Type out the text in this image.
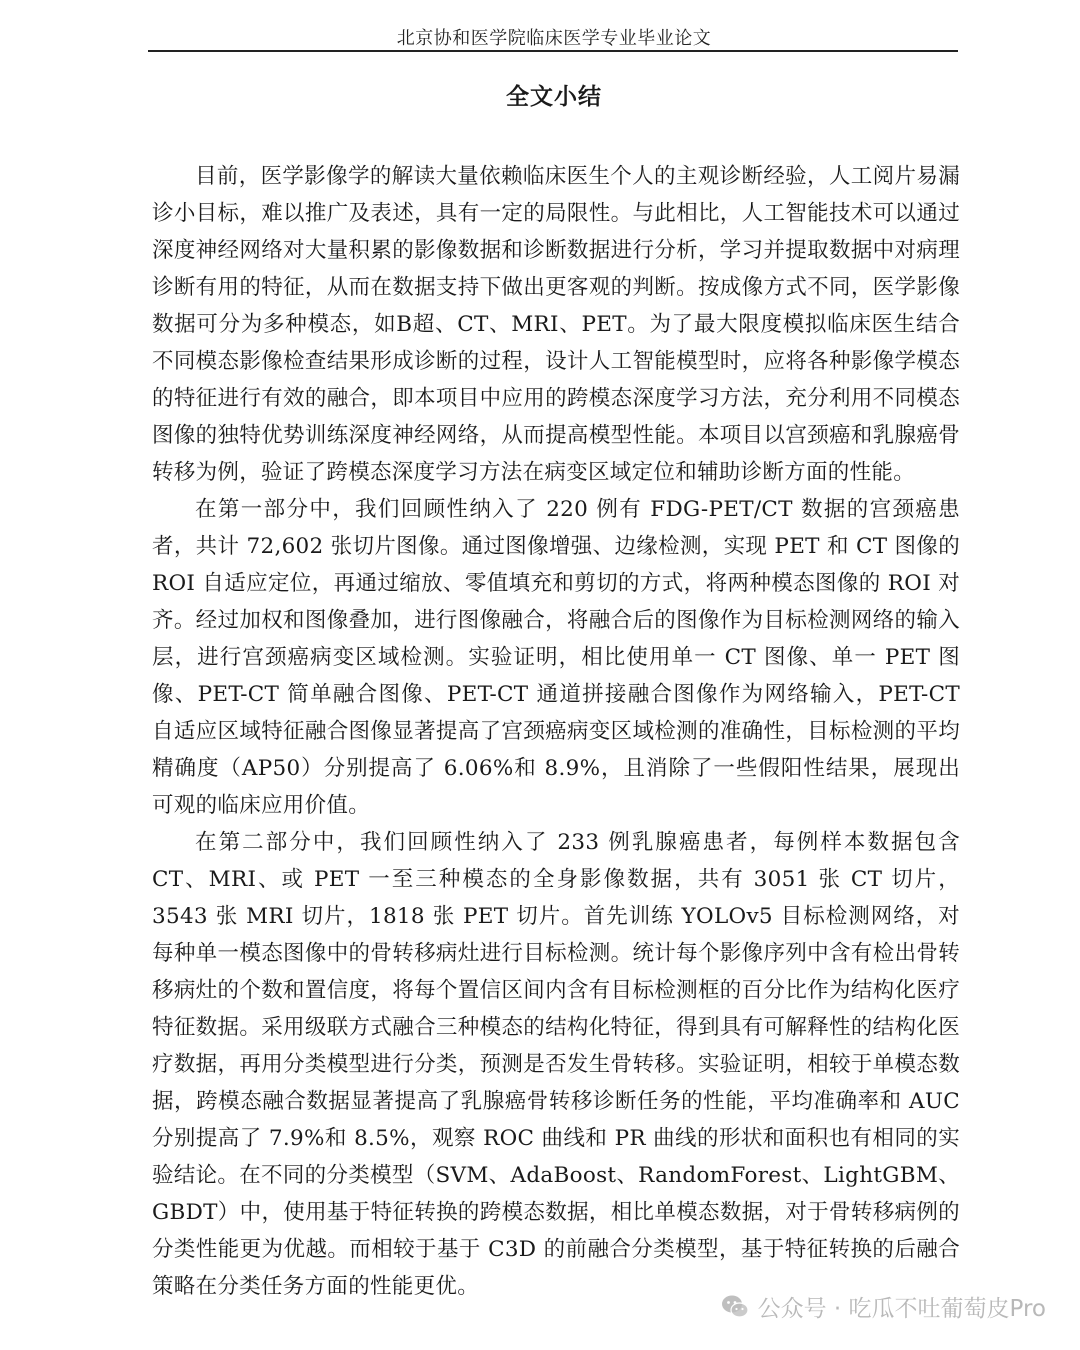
北京协和医学院临床医学专业毕业论文
全文小结

目前，医学影像学的解读大量依赖临床医生个人的主观诊断经验，人工阅片易漏诊小目标，难以推广及表述，具有一定的局限性。与此相比，人工智能技术可以通过深度神经网络对大量积累的影像数据和诊断数据进行分析，学习并提取数据中对病理诊断有用的特征，从而在数据支持下做出更客观的判断。按成像方式不同，医学影像数据可分为多种模态，如B超、CT、MRI、PET。为了最大限度模拟临床医生结合不同模态影像检查结果形成诊断的过程，设计人工智能模型时，应将各种影像学模态的特征进行有效的融合，即本项目中应用的跨模态深度学习方法，充分利用不同模态图像的独特优势训练深度神经网络，从而提高模型性能。本项目以宫颈癌和乳腺癌骨转移为例，验证了跨模态深度学习方法在病变区域定位和辅助诊断方面的性能。

在第一部分中，我们回顾性纳入了 220 例有 FDG-PET/CT 数据的宫颈癌患者，共计 72,602 张切片图像。通过图像增强、边缘检测，实现 PET 和 CT 图像的 ROI 自适应定位，再通过缩放、零值填充和剪切的方式，将两种模态图像的 ROI 对齐。经过加权和图像叠加，进行图像融合，将融合后的图像作为目标检测网络的输入层，进行宫颈癌病变区域检测。实验证明，相比使用单一 CT 图像、单一 PET 图像、PET-CT 简单融合图像、PET-CT 通道拼接融合图像作为网络输入，PET-CT 自适应区域特征融合图像显著提高了宫颈癌病变区域检测的准确性，目标检测的平均精确度（AP50）分别提高了 6.06%和 8.9%，且消除了一些假阳性结果，展现出可观的临床应用价值。

在第二部分中，我们回顾性纳入了 233 例乳腺癌患者，每例样本数据包含 CT、MRI、或 PET 一至三种模态的全身影像数据，共有 3051 张 CT 切片，3543 张 MRI 切片，1818 张 PET 切片。首先训练 YOLOv5 目标检测网络，对每种单一模态图像中的骨转移病灶进行目标检测。统计每个影像序列中含有检出骨转移病灶的个数和置信度，将每个置信区间内含有目标检测框的百分比作为结构化医疗特征数据。采用级联方式融合三种模态的结构化特征，得到具有可解释性的结构化医疗数据，再用分类模型进行分类，预测是否发生骨转移。实验证明，相较于单模态数据，跨模态融合数据显著提高了乳腺癌骨转移诊断任务的性能，平均准确率和 AUC 分别提高了 7.9%和 8.5%，观察 ROC 曲线和 PR 曲线的形状和面积也有相同的实验结论。在不同的分类模型（SVM、AdaBoost、RandomForest、LightGBM、GBDT）中，使用基于特征转换的跨模态数据，相比单模态数据，对于骨转移病例的分类性能更为优越。而相较于基于 C3D 的前融合分类模型，基于特征转换的后融合策略在分类任务方面的性能更优。

公众号 · 吃瓜不吐葡萄皮Pro
